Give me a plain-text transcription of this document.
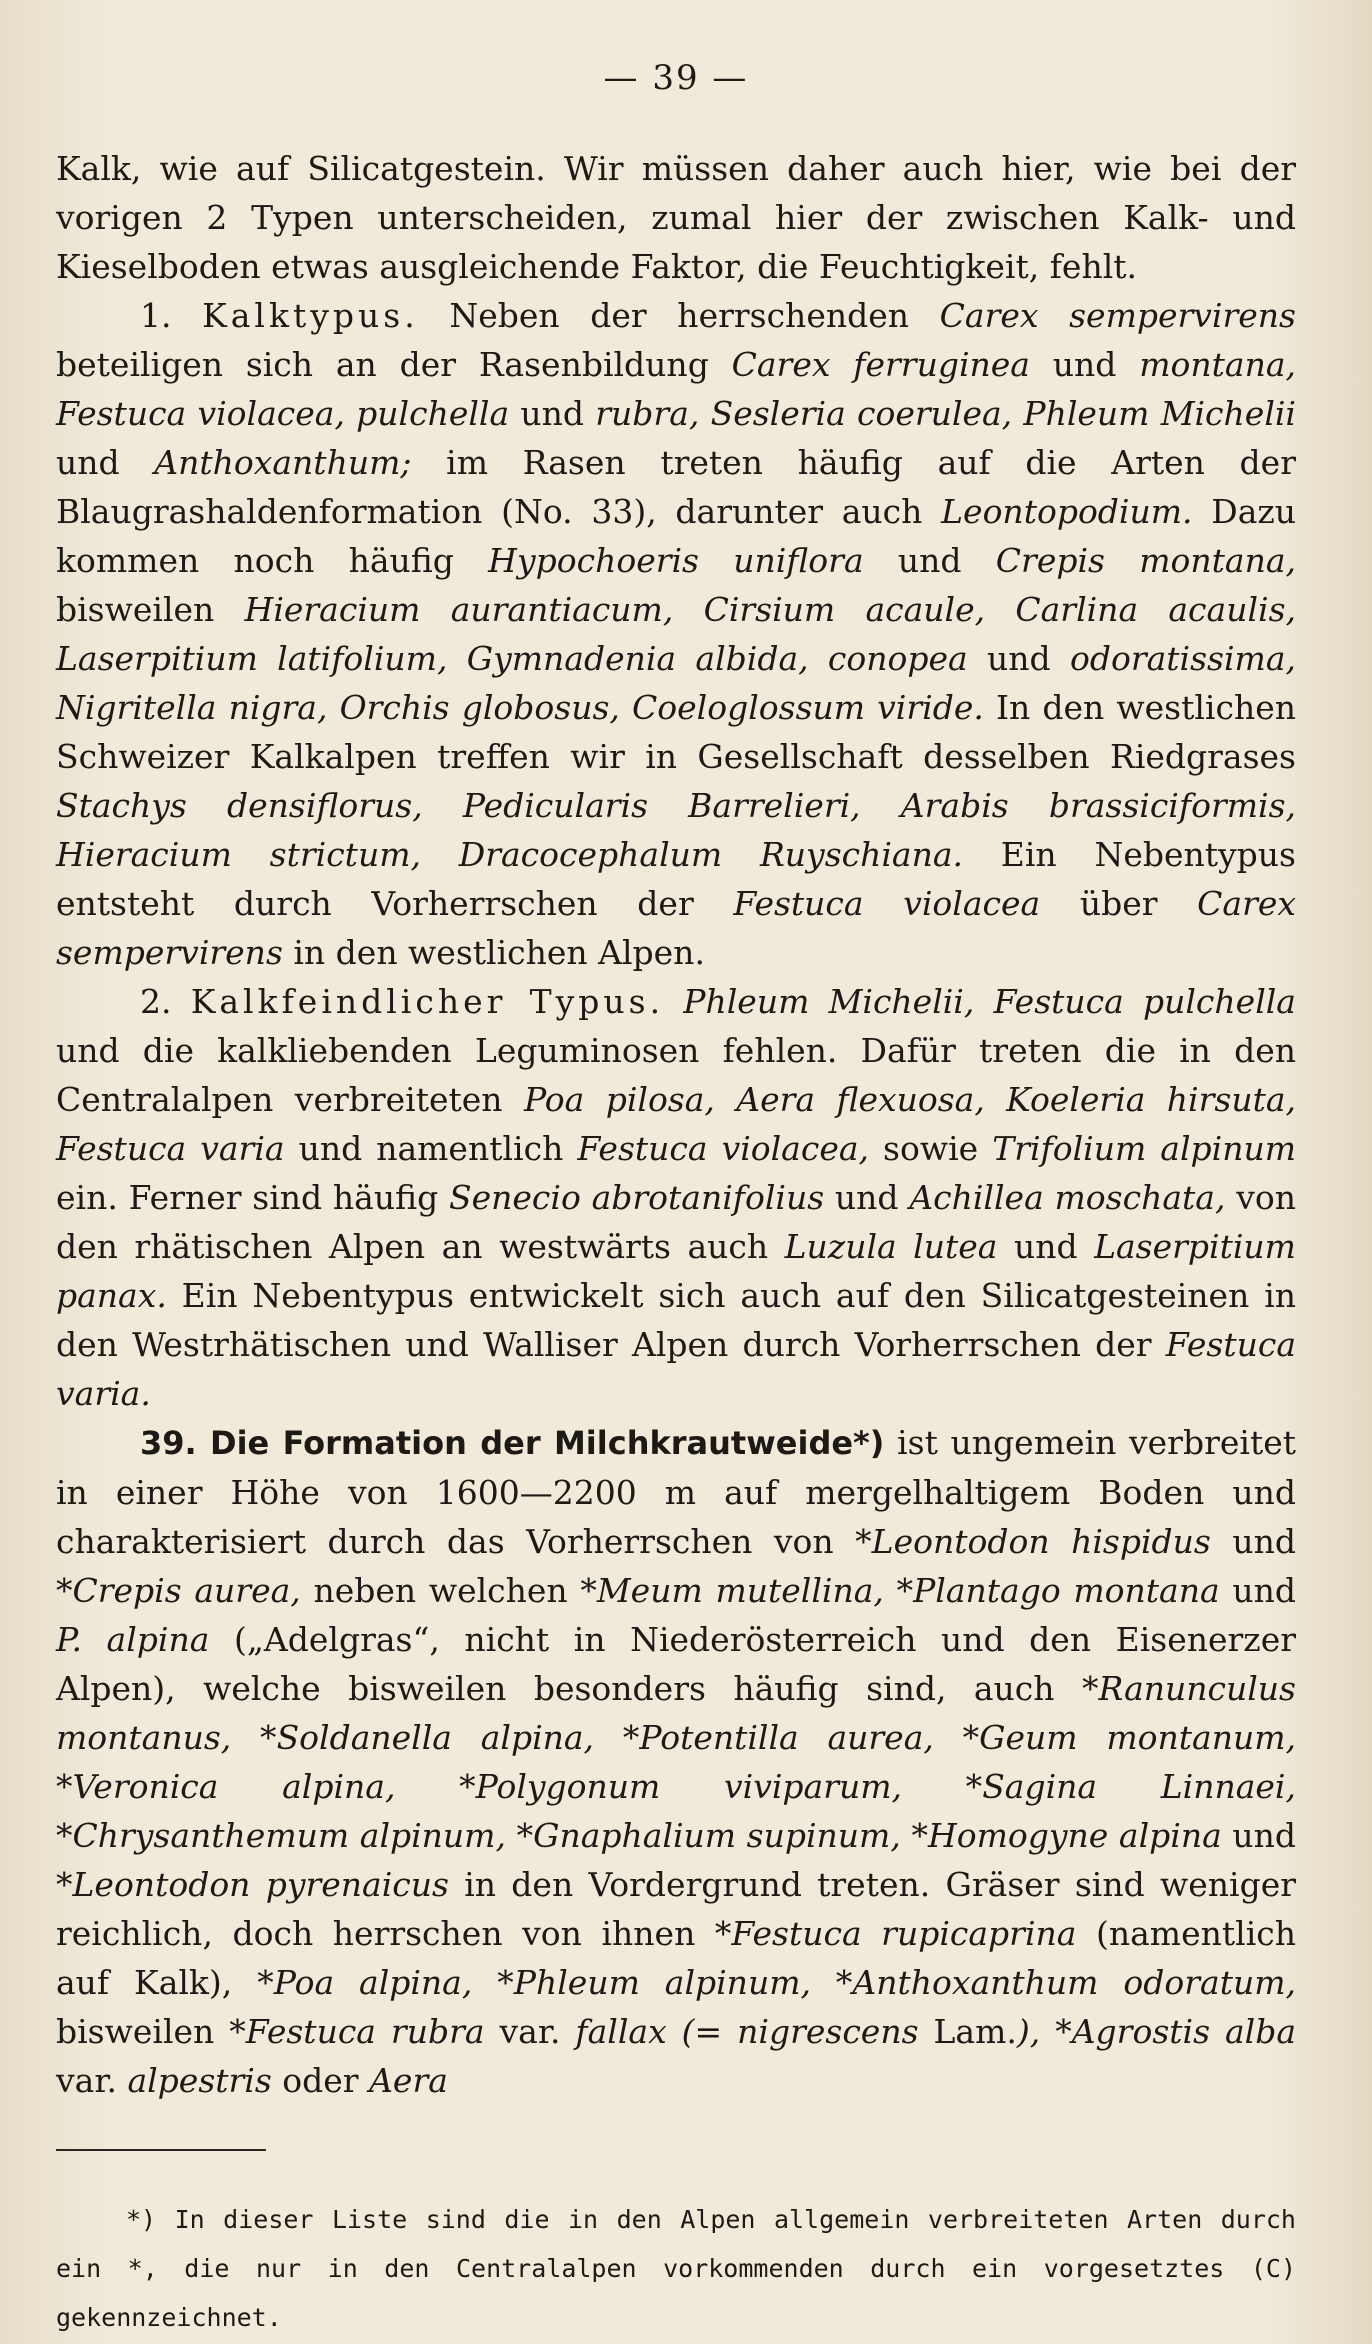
— 39 —

Kalk, wie auf Silicatgestein. Wir müssen daher auch hier, wie bei der vorigen 2 Typen unterscheiden, zumal hier der zwischen Kalk- und Kieselboden etwas ausgleichende Faktor, die Feuchtigkeit, fehlt.

1. Kalktypus. Neben der herrschenden Carex sempervirens beteiligen sich an der Rasenbildung Carex ferruginea und montana, Festuca violacea, pulchella und rubra, Sesleria coerulea, Phleum Michelii und Anthoxanthum; im Rasen treten häufig auf die Arten der Blaugrashaldenformation (No. 33), darunter auch Leontopodium. Dazu kommen noch häufig Hypochoeris uniflora und Crepis montana, bisweilen Hieracium aurantiacum, Cirsium acaule, Carlina acaulis, Laserpitium latifolium, Gymnadenia albida, conopea und odoratissima, Nigritella nigra, Orchis globosus, Coeloglossum viride. In den westlichen Schweizer Kalkalpen treffen wir in Gesellschaft desselben Riedgrases Stachys densiflorus, Pedicularis Barrelieri, Arabis brassiciformis, Hieracium strictum, Dracocephalum Ruyschiana. Ein Nebentypus entsteht durch Vorherrschen der Festuca violacea über Carex sempervirens in den westlichen Alpen.

2. Kalkfeindlicher Typus. Phleum Michelii, Festuca pulchella und die kalkliebenden Leguminosen fehlen. Dafür treten die in den Centralalpen verbreiteten Poa pilosa, Aera flexuosa, Koeleria hirsuta, Festuca varia und namentlich Festuca violacea, sowie Trifolium alpinum ein. Ferner sind häufig Senecio abrotanifolius und Achillea moschata, von den rhätischen Alpen an westwärts auch Luzula lutea und Laserpitium panax. Ein Nebentypus entwickelt sich auch auf den Silicatgesteinen in den Westrhätischen und Walliser Alpen durch Vorherrschen der Festuca varia.

39. Die Formation der Milchkrautweide*) ist ungemein verbreitet in einer Höhe von 1600—2200 m auf mergelhaltigem Boden und charakterisiert durch das Vorherrschen von *Leontodon hispidus und *Crepis aurea, neben welchen *Meum mutellina, *Plantago montana und P. alpina („Adelgras“, nicht in Niederösterreich und den Eisenerzer Alpen), welche bisweilen besonders häufig sind, auch *Ranunculus montanus, *Soldanella alpina, *Potentilla aurea, *Geum montanum, *Veronica alpina, *Polygonum viviparum, *Sagina Linnaei, *Chrysanthemum alpinum, *Gnaphalium supinum, *Homogyne alpina und *Leontodon pyrenaicus in den Vordergrund treten. Gräser sind weniger reichlich, doch herrschen von ihnen *Festuca rupicaprina (namentlich auf Kalk), *Poa alpina, *Phleum alpinum, *Anthoxanthum odoratum, bisweilen *Festuca rubra var. fallax (= nigrescens Lam.), *Agrostis alba var. alpestris oder Aera

*) In dieser Liste sind die in den Alpen allgemein verbreiteten Arten durch ein *, die nur in den Centralalpen vorkommenden durch ein vorgesetztes (C) gekennzeichnet.
